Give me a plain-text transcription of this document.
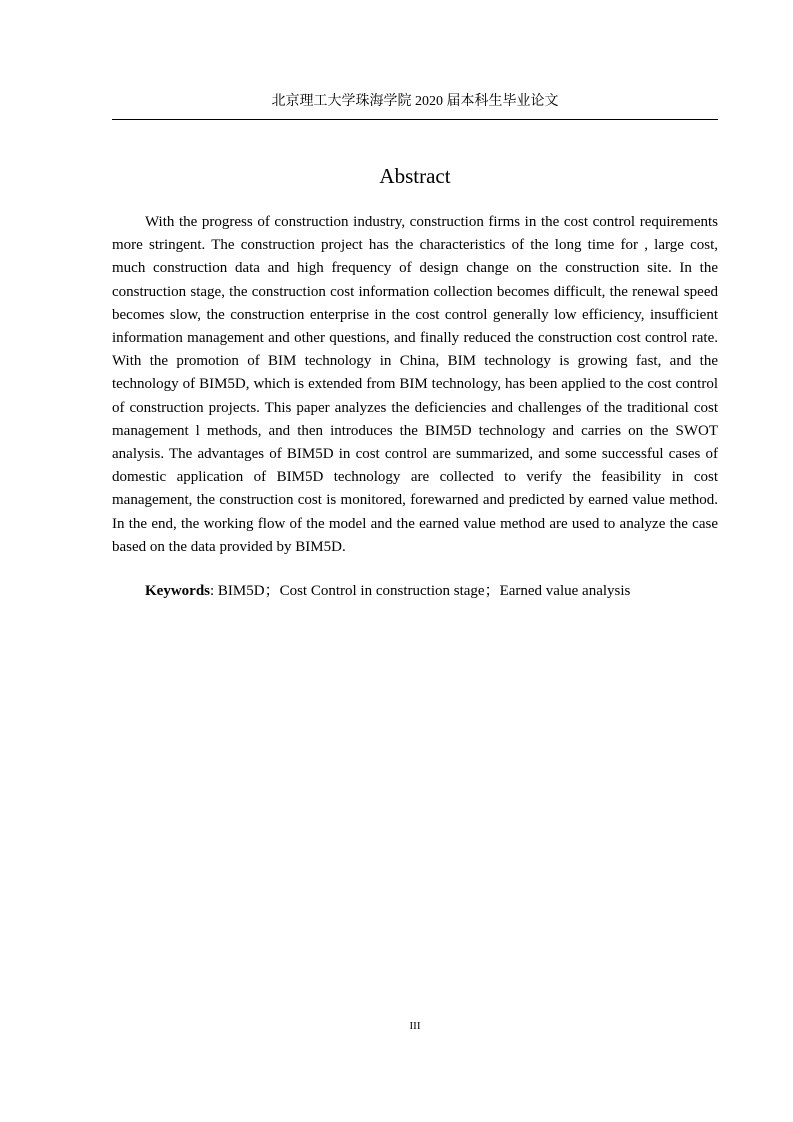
北京理工大学珠海学院 2020 届本科生毕业论文
Abstract

With the progress of construction industry, construction firms in the cost control requirements more stringent. The construction project has the characteristics of the long time for , large cost, much construction data and high frequency of design change on the construction site. In the construction stage, the construction cost information collection becomes difficult, the renewal speed becomes slow, the construction enterprise in the cost control generally low efficiency, insufficient information management and other questions, and finally reduced the construction cost control rate. With the promotion of BIM technology in China, BIM technology is growing fast, and the technology of BIM5D, which is extended from BIM technology, has been applied to the cost control of construction projects. This paper analyzes the deficiencies and challenges of the traditional cost management l methods, and then introduces the BIM5D technology and carries on the SWOT analysis. The advantages of BIM5D in cost control are summarized, and some successful cases of domestic application of BIM5D technology are collected to verify the feasibility in cost management, the construction cost is monitored, forewarned and predicted by earned value method. In the end, the working flow of the model and the earned value method are used to analyze the case based on the data provided by BIM5D.

Keywords: BIM5D；Cost Control in construction stage；Earned value analysis
III
